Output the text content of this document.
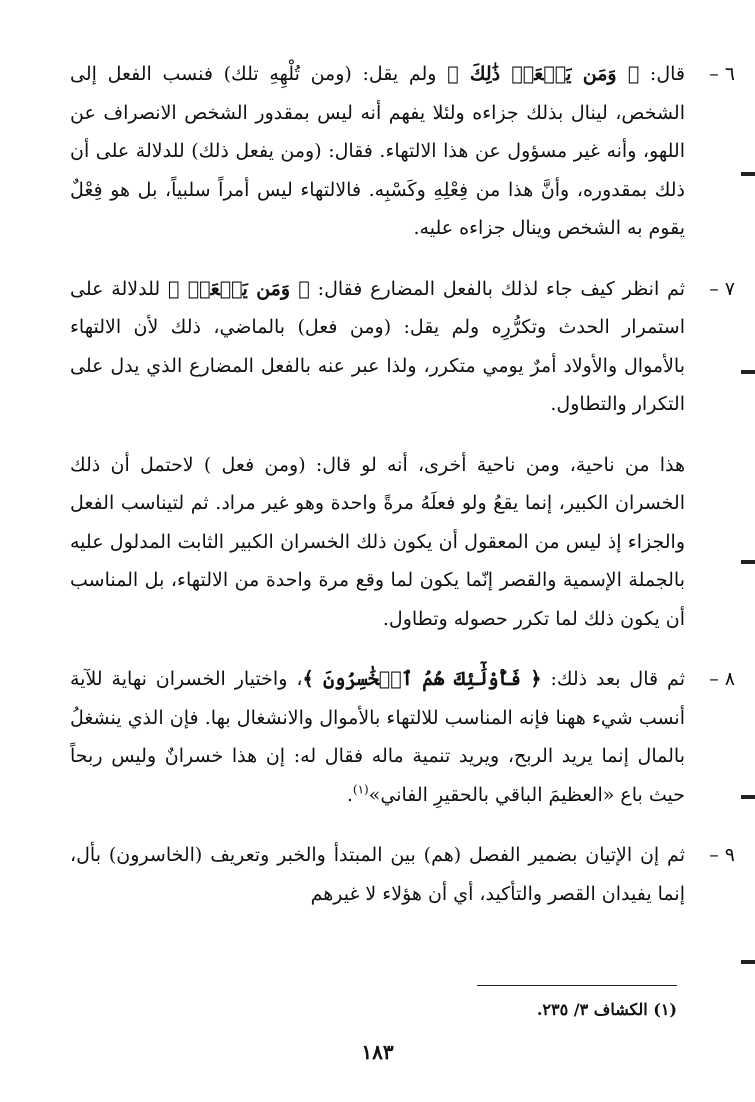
٦ –
قال: ﴿ وَمَن يَفۡعَلۡ ذَٰلِكَ ﴾ ولم يقل: (ومن تُلْهِهِ تلك) فنسب الفعل إلى الشخص، لينال بذلك جزاءه ولئلا يفهم أنه ليس بمقدور الشخص الانصراف عن اللهو، وأنه غير مسؤول عن هذا الالتهاء. فقال: (ومن يفعل ذلك) للدلالة على أن ذلك بمقدوره، وأنَّ هذا من فِعْلِهِ وكَسْبِه. فالالتهاء ليس أمراً سلبياً، بل هو فِعْلٌ يقوم به الشخص وينال جزاءه عليه.

٧ –
ثم انظر كيف جاء لذلك بالفعل المضارع فقال: ﴿ وَمَن يَفۡعَلۡ ﴾ للدلالة على استمرار الحدث وتكرُّرِه ولم يقل: (ومن فعل) بالماضي، ذلك لأن الالتهاء بالأموال والأولاد أمرٌ يومي متكرر، ولذا عبر عنه بالفعل المضارع الذي يدل على التكرار والتطاول.

هذا من ناحية، ومن ناحية أخرى، أنه لو قال: (ومن فعل ) لاحتمل أن ذلك الخسران الكبير، إنما يقعُ ولو فعلَهُ مرةً واحدة وهو غير مراد. ثم لتيناسب الفعل والجزاء إذ ليس من المعقول أن يكون ذلك الخسران الكبير الثابت المدلول عليه بالجملة الإسمية والقصر إنّما يكون لما وقع مرة واحدة من الالتهاء، بل المناسب أن يكون ذلك لما تكرر حصوله وتطاول.

٨ –
ثم قال بعد ذلك: ﴿ فَأُوْلَٰٓئِكَ هُمُ ٱلۡخَٰسِرُونَ ﴾، واختيار الخسران نهاية للآية أنسب شيء ههنا فإنه المناسب للالتهاء بالأموال والانشغال بها. فإن الذي ينشغلُ بالمال إنما يريد الربح، ويريد تنمية ماله فقال له: إن هذا خسرانٌ وليس ربحاً حيث باع «العظيمَ الباقي بالحقيرِ الفاني»$^{(١)}$.

٩ –
ثم إن الإتيان بضمير الفصل (هم) بين المبتدأ والخبر وتعريف (الخاسرون) بأل، إنما يفيدان القصر والتأكيد، أي أن هؤلاء لا غيرهم

(١) الكشاف ٣/ ٢٣٥.
١٨٣
